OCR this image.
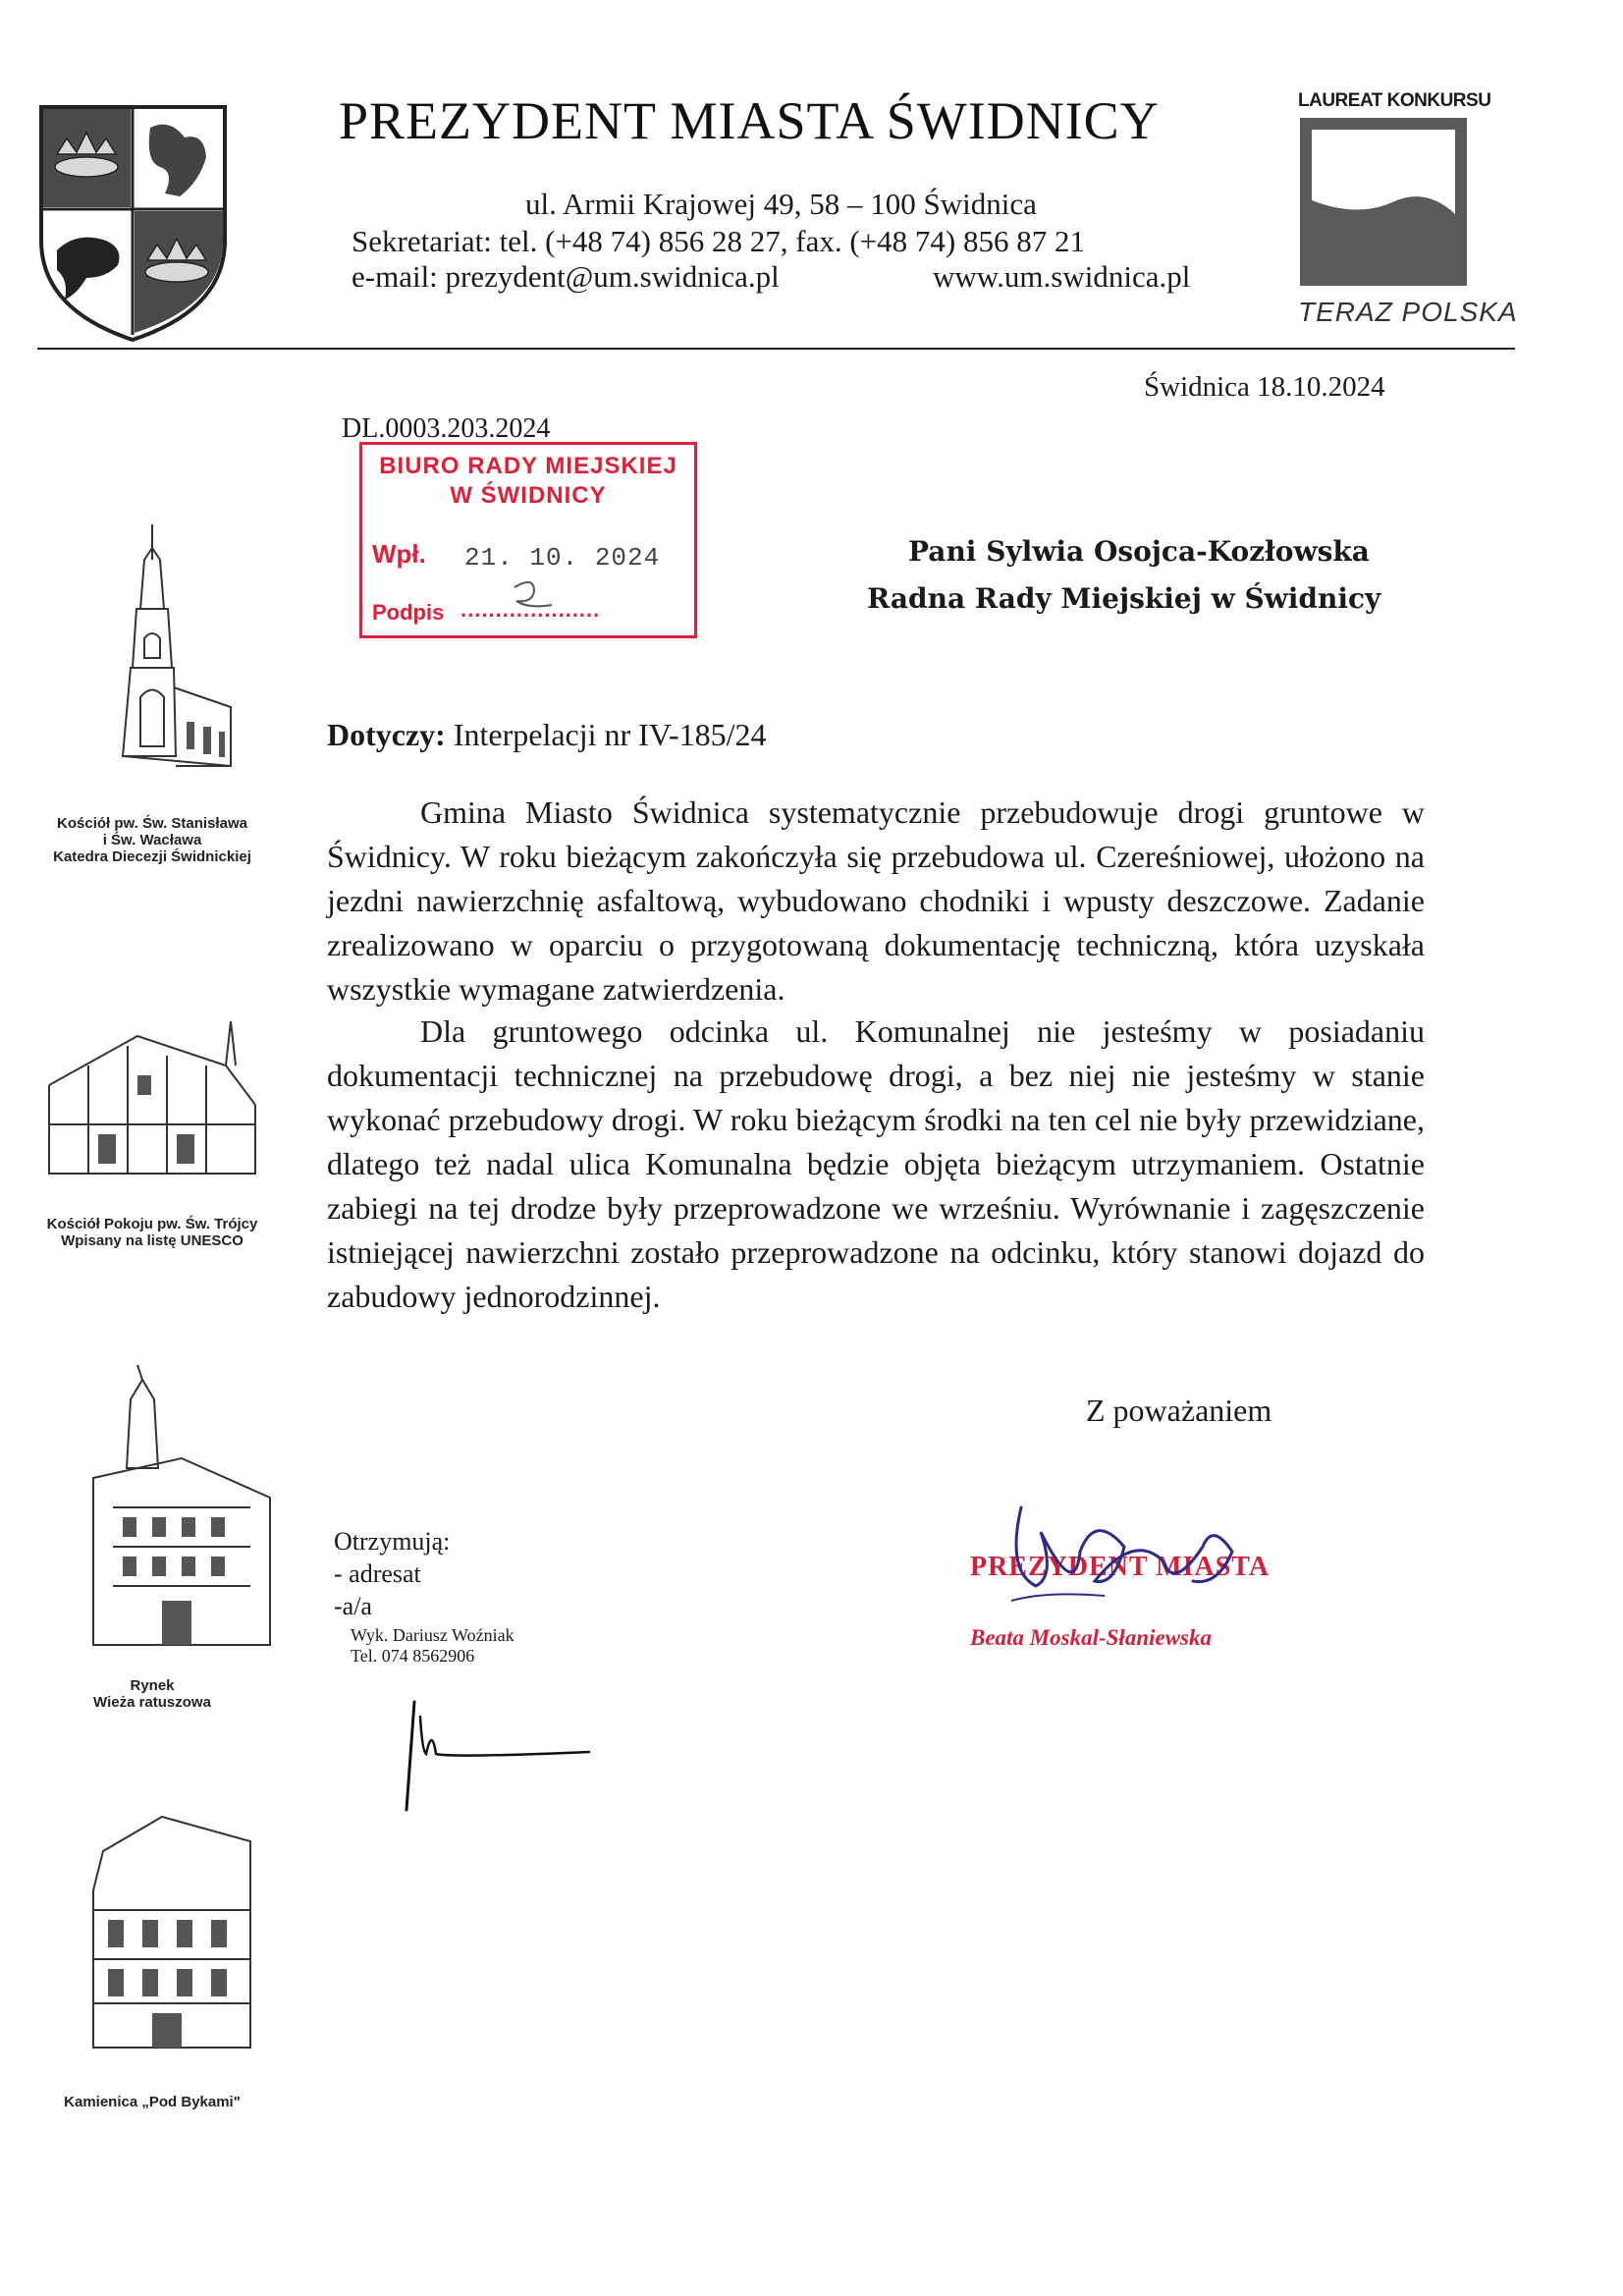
PREZYDENT MIASTA ŚWIDNICY
ul. Armii Krajowej 49, 58 – 100 Świdnica
Sekretariat: tel. (+48 74) 856 28 27, fax. (+48 74) 856 87 21
e-mail: prezydent@um.swidnica.pl	www.um.swidnica.pl
LAUREAT KONKURSU
TERAZ POLSKA
Kościół pw. Św. Stanisława
i Św. Wacława
Katedra Diecezji Świdnickiej
Kościół Pokoju pw. Św. Trójcy
Wpisany na listę UNESCO
Rynek
Wieża ratuszowa
Kamienica „Pod Bykami"
Świdnica 18.10.2024
DL.0003.203.2024
BIURO RADY MIEJSKIEJ
W ŚWIDNICY
Wpł. 21. 10. 2024
Podpis ....................
Pani Sylwia Osojca-Kozłowska
Radna Rady Miejskiej w Świdnicy
Dotyczy: Interpelacji nr IV-185/24

Gmina Miasto Świdnica systematycznie przebudowuje drogi gruntowe w Świdnicy. W roku bieżącym zakończyła się przebudowa ul. Czereśniowej, ułożono na jezdni nawierzchnię asfaltową, wybudowano chodniki i wpusty deszczowe. Zadanie zrealizowano w oparciu o przygotowaną dokumentację techniczną, która uzyskała wszystkie wymagane zatwierdzenia.

Dla gruntowego odcinka ul. Komunalnej nie jesteśmy w posiadaniu dokumentacji technicznej na przebudowę drogi, a bez niej nie jesteśmy w stanie wykonać przebudowy drogi. W roku bieżącym środki na ten cel nie były przewidziane, dlatego też nadal ulica Komunalna będzie objęta bieżącym utrzymaniem. Ostatnie zabiegi na tej drodze były przeprowadzone we wrześniu. Wyrównanie i zagęszczenie istniejącej nawierzchni zostało przeprowadzone na odcinku, który stanowi dojazd do zabudowy jednorodzinnej.

Z poważaniem
PREZYDENT MIASTA
Beata Moskal-Słaniewska
Otrzymują:
- adresat
-a/a
Wyk. Dariusz Woźniak
Tel. 074 8562906
